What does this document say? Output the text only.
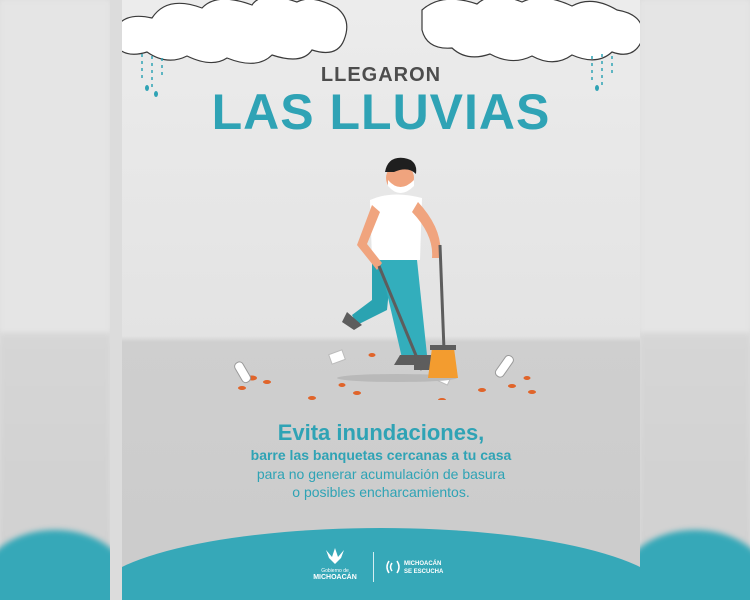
LLEGARON
LAS LLUVIAS
Evita inundaciones,
barre las banquetas cercanas a tu casa
para no generar acumulación de basura
o posibles encharcamientos.
Gobierno de
MICHOACÁN
MICHOACÁN
SE ESCUCHA
